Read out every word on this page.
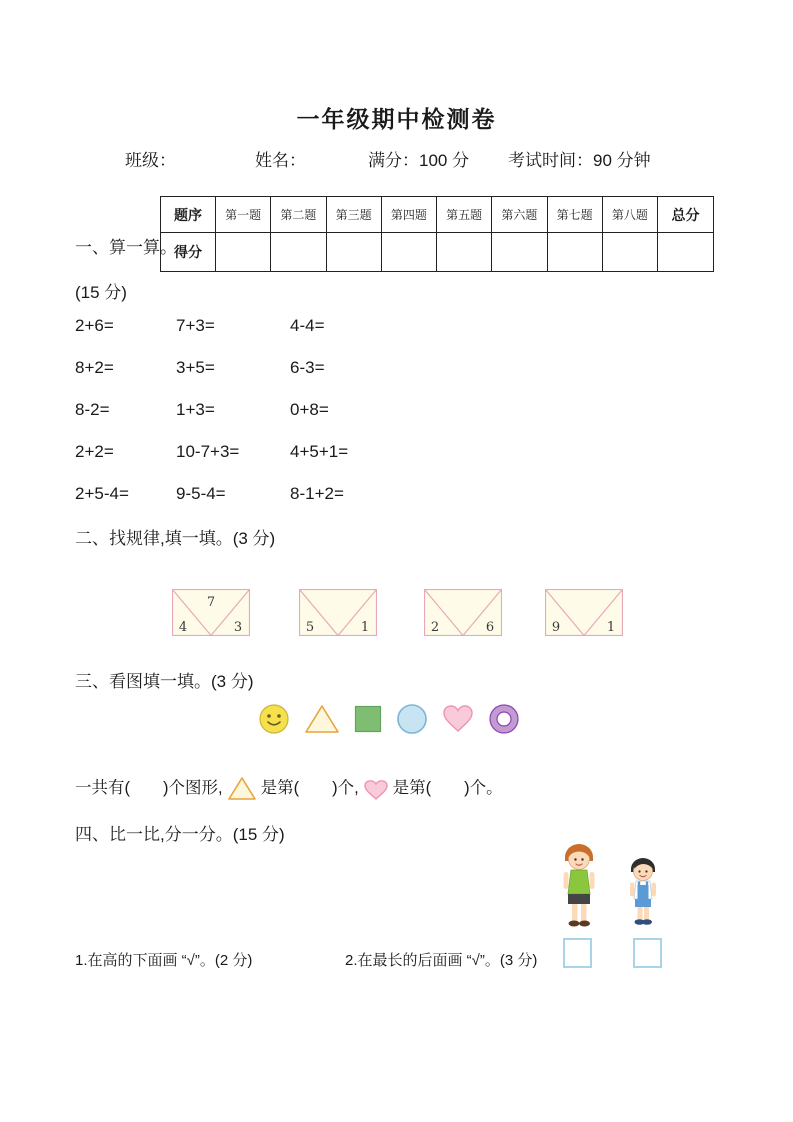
一年级期中检测卷
班级：	姓名：	满分：100 分 考试时间：90 分钟
题序	第一题	第二题	第三题	第四题	第五题	第六题	第七题	第八题	总分
得分									
一、算一算。
(15 分)
2+6=	7+3=	4-4=
8+2=	3+5=	6-3=
8-2=	1+3=	0+8=
2+2=	10-7+3=	4+5+1=
2+5-4=	9-5-4=	8-1+2=
二、找规律,填一填。(3 分)
7
4	3	5	1	2	6	9	1
三、看图填一填。(3 分)
一共有(　　)个图形, 是第(　　)个, 是第(　　)个。
四、比一比,分一分。(15 分)
1.在高的下面画 “√”。(2 分)	2.在最长的后面画 “√”。(3 分)
